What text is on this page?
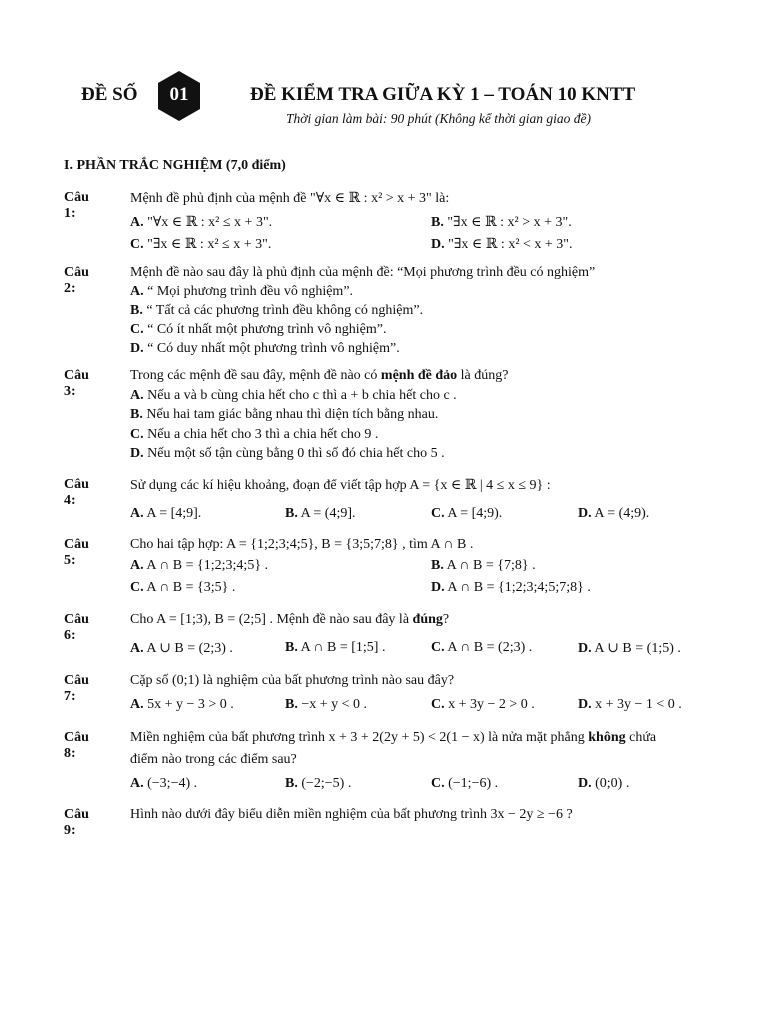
ĐỀ SỐ	01	ĐỀ KIỂM TRA GIỮA KỲ 1 – TOÁN 10 KNTT
Thời gian làm bài: 90 phút (Không kể thời gian giao đề)
I. PHẦN TRẮC NGHIỆM (7,0 điểm)
Câu 1:
Mệnh đề phủ định của mệnh đề "∀x ∈ ℝ : x² > x + 3" là:
A. "∀x ∈ ℝ : x² ≤ x + 3".	B. "∃x ∈ ℝ : x² > x + 3".
C. "∃x ∈ ℝ : x² ≤ x + 3".	D. "∃x ∈ ℝ : x² < x + 3".
Câu 2:
Mệnh đề nào sau đây là phủ định của mệnh đề: “Mọi phương trình đều có nghiệm”
A. “ Mọi phương trình đều vô nghiệm”.
B. “ Tất cả các phương trình đều không có nghiệm”.
C. “ Có ít nhất một phương trình vô nghiệm”.
D. “ Có duy nhất một phương trình vô nghiệm”.
Câu 3:
Trong các mệnh đề sau đây, mệnh đề nào có mệnh đề đảo là đúng?
A. Nếu a và b cùng chia hết cho c thì a + b chia hết cho c .
B. Nếu hai tam giác bằng nhau thì diện tích bằng nhau.
C. Nếu a chia hết cho 3 thì a chia hết cho 9 .
D. Nếu một số tận cùng bằng 0 thì số đó chia hết cho 5 .
Câu 4:
Sử dụng các kí hiệu khoảng, đoạn để viết tập hợp A = {x ∈ ℝ | 4 ≤ x ≤ 9} :
A. A = [4;9].	B. A = (4;9].	C. A = [4;9).	D. A = (4;9).
Câu 5:
Cho hai tập hợp: A = {1;2;3;4;5}, B = {3;5;7;8} , tìm A ∩ B .
A. A ∩ B = {1;2;3;4;5} .	B. A ∩ B = {7;8} .
C. A ∩ B = {3;5} .	D. A ∩ B = {1;2;3;4;5;7;8} .
Câu 6:
Cho A = [1;3), B = (2;5] . Mệnh đề nào sau đây là đúng?
A. A ∪ B = (2;3) .	B. A ∩ B = [1;5] .	C. A ∩ B = (2;3) .	D. A ∪ B = (1;5) .
Câu 7:
Cặp số (0;1) là nghiệm của bất phương trình nào sau đây?
A. 5x + y − 3 > 0 .	B. −x + y < 0 .	C. x + 3y − 2 > 0 .	D. x + 3y − 1 < 0 .
Câu 8:
Miền nghiệm của bất phương trình x + 3 + 2(2y + 5) < 2(1 − x) là nửa mặt phẳng không chứa
điểm nào trong các điểm sau?
A. (−3;−4) .	B. (−2;−5) .	C. (−1;−6) .	D. (0;0) .
Câu 9:
Hình nào dưới đây biểu diễn miền nghiệm của bất phương trình 3x − 2y ≥ −6 ?
